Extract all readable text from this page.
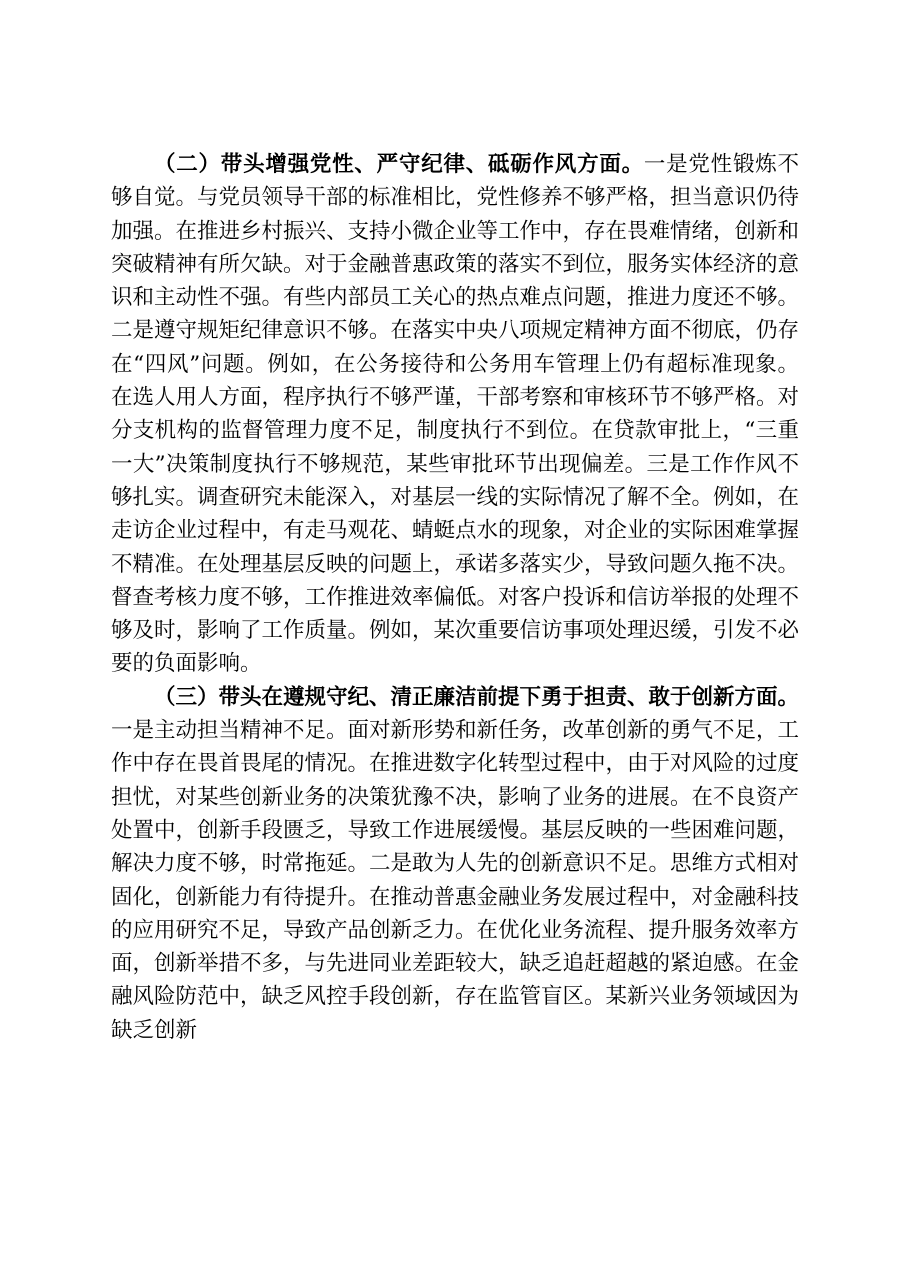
（二）带头增强党性、严守纪律、砥砺作风方面。一是党性锻炼不够自觉。与党员领导干部的标准相比，党性修养不够严格，担当意识仍待加强。在推进乡村振兴、支持小微企业等工作中，存在畏难情绪，创新和突破精神有所欠缺。对于金融普惠政策的落实不到位，服务实体经济的意识和主动性不强。有些内部员工关心的热点难点问题，推进力度还不够。二是遵守规矩纪律意识不够。在落实中央八项规定精神方面不彻底，仍存在“四风”问题。例如，在公务接待和公务用车管理上仍有超标准现象。在选人用人方面，程序执行不够严谨，干部考察和审核环节不够严格。对分支机构的监督管理力度不足，制度执行不到位。在贷款审批上，“三重一大”决策制度执行不够规范，某些审批环节出现偏差。三是工作作风不够扎实。调查研究未能深入，对基层一线的实际情况了解不全。例如，在走访企业过程中，有走马观花、蜻蜓点水的现象，对企业的实际困难掌握不精准。在处理基层反映的问题上，承诺多落实少，导致问题久拖不决。督查考核力度不够，工作推进效率偏低。对客户投诉和信访举报的处理不够及时，影响了工作质量。例如，某次重要信访事项处理迟缓，引发不必要的负面影响。

（三）带头在遵规守纪、清正廉洁前提下勇于担责、敢于创新方面。一是主动担当精神不足。面对新形势和新任务，改革创新的勇气不足，工作中存在畏首畏尾的情况。在推进数字化转型过程中，由于对风险的过度担忧，对某些创新业务的决策犹豫不决，影响了业务的进展。在不良资产处置中，创新手段匮乏，导致工作进展缓慢。基层反映的一些困难问题，解决力度不够，时常拖延。二是敢为人先的创新意识不足。思维方式相对固化，创新能力有待提升。在推动普惠金融业务发展过程中，对金融科技的应用研究不足，导致产品创新乏力。在优化业务流程、提升服务效率方面，创新举措不多，与先进同业差距较大，缺乏追赶超越的紧迫感。在金融风险防范中，缺乏风控手段创新，存在监管盲区。某新兴业务领域因为缺乏创新
